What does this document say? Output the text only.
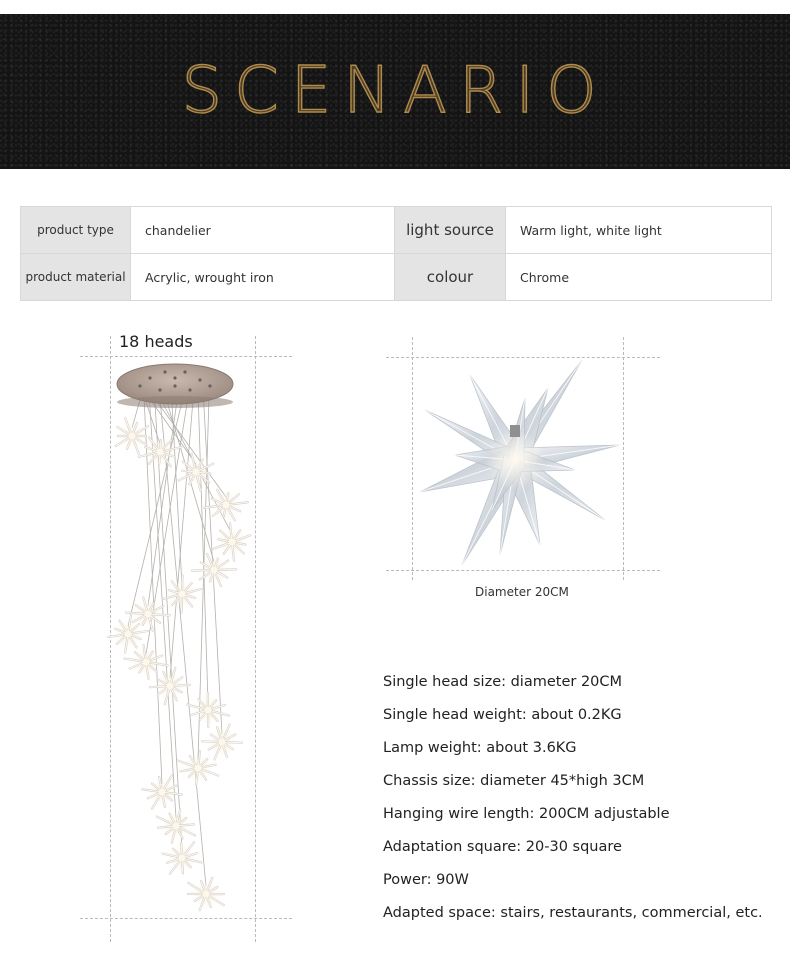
SCENARIO
product type	chandelier	light source	Warm light, white light
product material	Acrylic, wrought iron	colour	Chrome
18 heads
Diameter 20CM
Single head size: diameter 20CM
Single head weight: about 0.2KG
Lamp weight: about 3.6KG
Chassis size: diameter 45*high 3CM
Hanging wire length: 200CM adjustable
Adaptation square: 20-30 square
Power: 90W
Adapted space: stairs, restaurants, commercial, etc.
